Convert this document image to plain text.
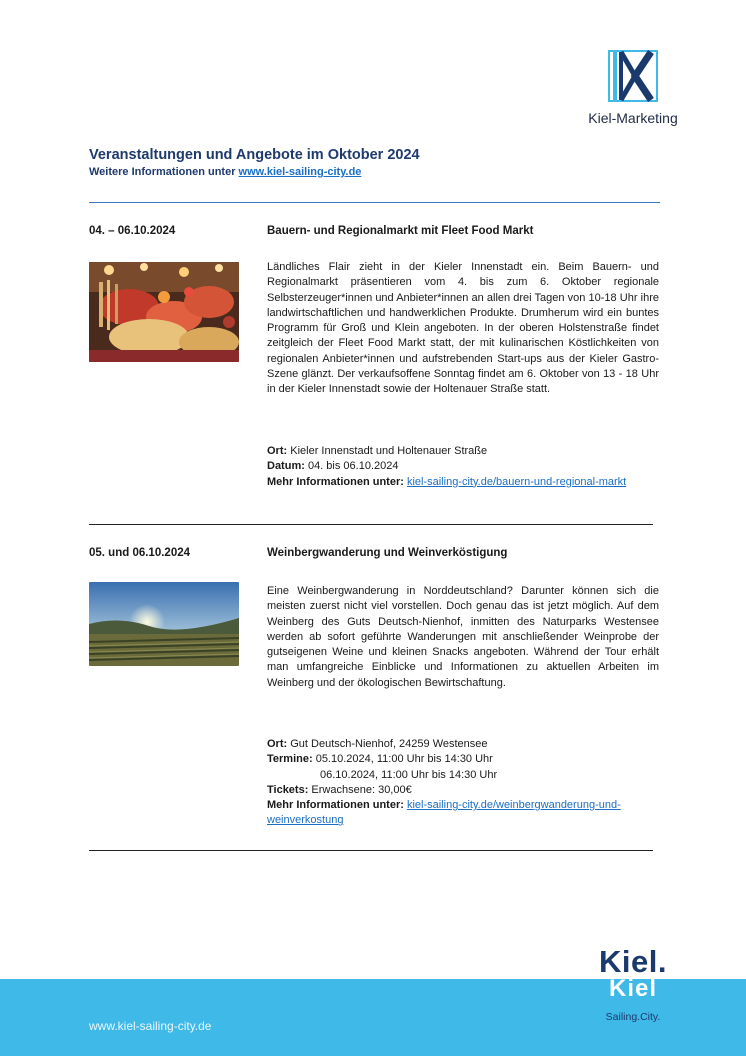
Kiel-Marketing
Veranstaltungen und Angebote im Oktober 2024
Weitere Informationen unter www.kiel-sailing-city.de
04. – 06.10.2024	Bauern- und Regionalmarkt mit Fleet Food Markt
Ländliches Flair zieht in der Kieler Innenstadt ein. Beim Bauern- und Regionalmarkt präsentieren vom 4. bis zum 6. Oktober regionale Selbsterzeuger*innen und Anbieter*innen an allen drei Tagen von 10-18 Uhr ihre landwirtschaftlichen und handwerklichen Produkte. Drumherum wird ein buntes Programm für Groß und Klein angeboten. In der oberen Holstenstraße findet zeitgleich der Fleet Food Markt statt, der mit kulinarischen Köstlichkeiten von regionalen Anbieter*innen und aufstrebenden Start-ups aus der Kieler Gastro-Szene glänzt. Der verkaufsoffene Sonntag findet am 6. Oktober von 13 - 18 Uhr in der Kieler Innenstadt sowie der Holtenauer Straße statt.
Ort: Kieler Innenstadt und Holtenauer Straße
Datum: 04. bis 06.10.2024
Mehr Informationen unter: kiel-sailing-city.de/bauern-und-regional-markt
05. und 06.10.2024	Weinbergwanderung und Weinverköstigung
Eine Weinbergwanderung in Norddeutschland? Darunter können sich die meisten zuerst nicht viel vorstellen. Doch genau das ist jetzt möglich. Auf dem Weinberg des Guts Deutsch-Nienhof, inmitten des Naturparks Westensee werden ab sofort geführte Wanderungen mit anschließender Weinprobe der gutseigenen Weine und kleinen Snacks angeboten. Während der Tour erhält man umfangreiche Einblicke und Informationen zu aktuellen Arbeiten im Weinberg und der ökologischen Bewirtschaftung.
Ort: Gut Deutsch-Nienhof, 24259 Westensee
Termine: 05.10.2024, 11:00 Uhr bis 14:30 Uhr
06.10.2024, 11:00 Uhr bis 14:30 Uhr
Tickets: Erwachsene: 30,00€
Mehr Informationen unter: kiel-sailing-city.de/weinbergwanderung-und-weinverkostung
www.kiel-sailing-city.de
Kiel.
Kiel
Sailing.City.
